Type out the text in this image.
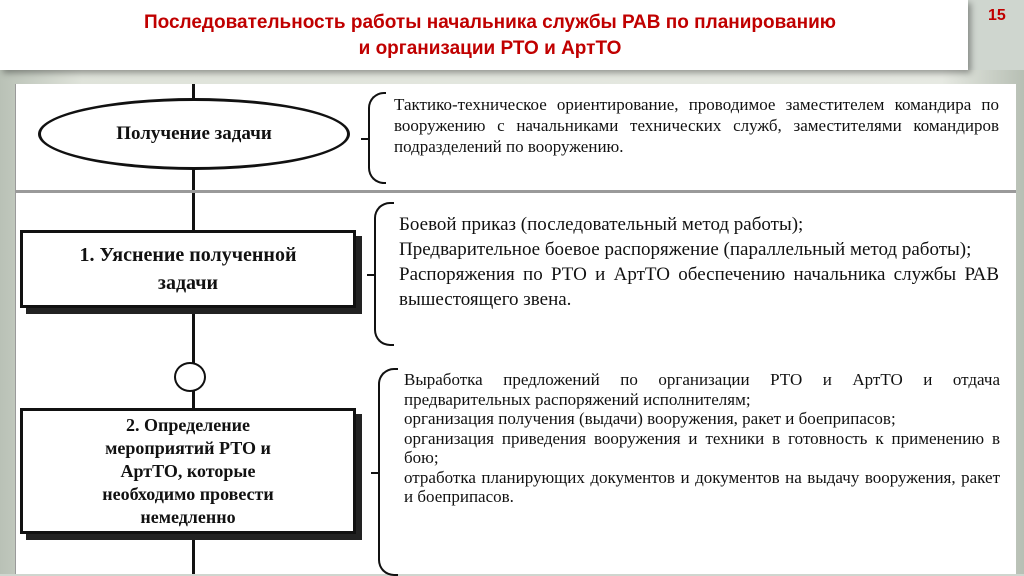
Последовательность работы начальника службы РАВ по планированию
и организации РТО и АртТО
15
Получение задачи

Тактико-техническое ориентирование, проводимое заместителем командира по вооружению с начальниками технических служб, заместителями командиров подразделений по вооружению.

1. Уяснение полученной
задачи

Боевой приказ (последовательный метод работы);

Предварительное боевое распоряжение (параллельный метод работы);

Распоряжения по РТО и АртТО обеспечению начальника службы РАВ вышестоящего звена.

2. Определение
мероприятий РТО и
АртТО, которые
необходимо провести
немедленно

Выработка предложений по организации РТО и АртТО и отдача предварительных распоряжений исполнителям;

организация получения (выдачи) вооружения, ракет и боеприпасов;

организация приведения вооружения и техники в готовность к применению в бою;

отработка планирующих документов и документов на выдачу вооружения, ракет и боеприпасов.
